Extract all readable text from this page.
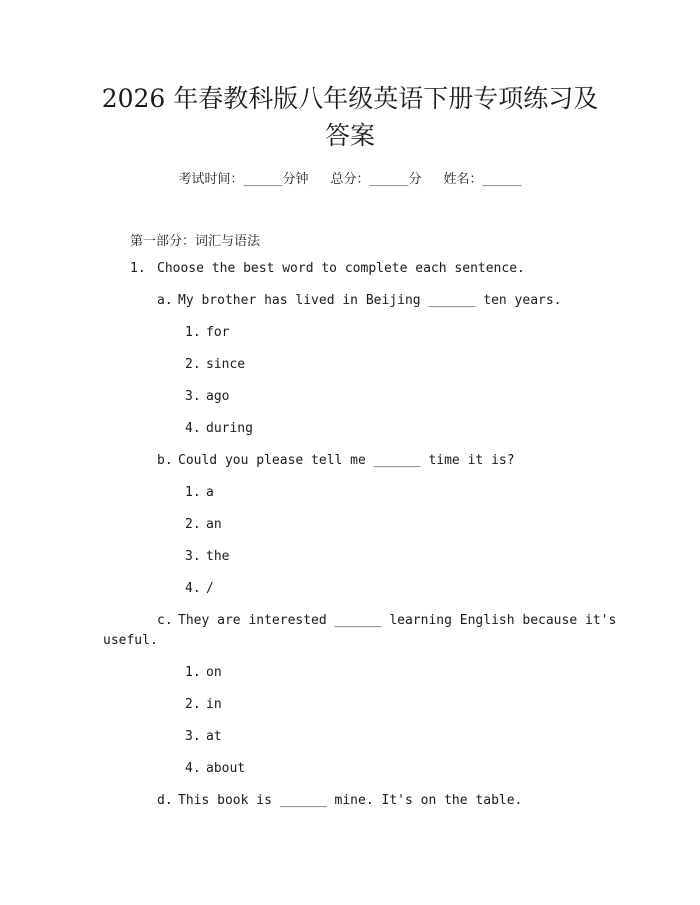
2026 年春教科版八年级英语下册专项练习及
答案
考试时间：______分钟 总分：______分 姓名：______
第一部分：词汇与语法
1. Choose the best word to complete each sentence.
a. My brother has lived in Beijing ______ ten years.
1. for
2. since
3. ago
4. during
b. Could you please tell me ______ time it is?
1. a
2. an
3. the
4. /
c. They are interested ______ learning English because it's
useful.
1. on
2. in
3. at
4. about
d. This book is ______ mine. It's on the table.
